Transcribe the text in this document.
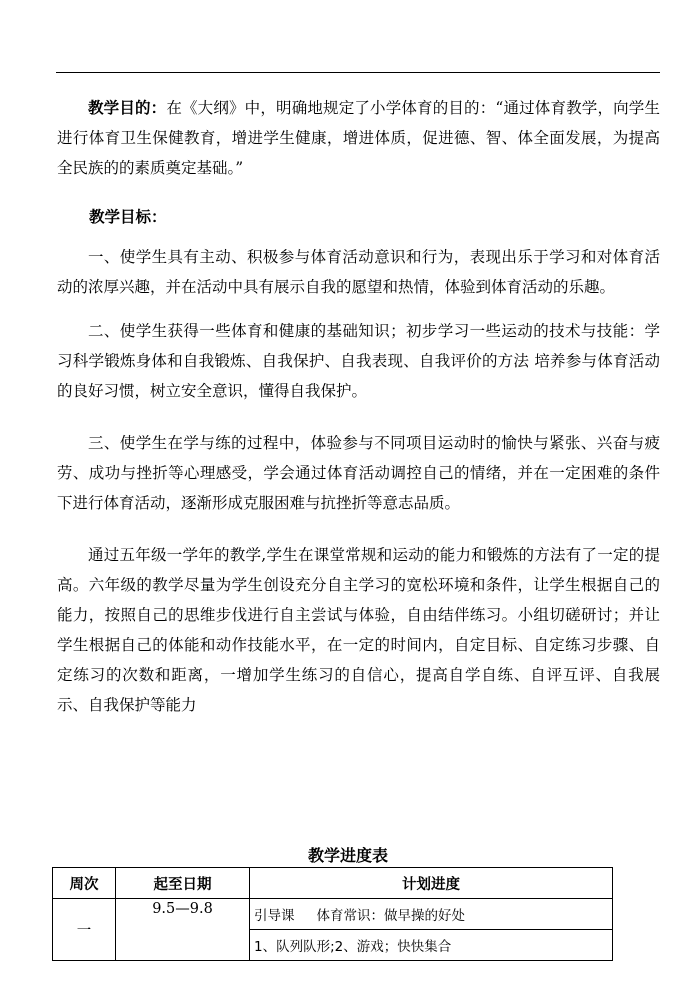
教学目的：在《大纲》中，明确地规定了小学体育的目的：“通过体育教学，向学生进行体育卫生保健教育，增进学生健康，增进体质，促进德、智、体全面发展，为提高全民族的的素质奠定基础。”

教学目标：

一、使学生具有主动、积极参与体育活动意识和行为，表现出乐于学习和对体育活动的浓厚兴趣，并在活动中具有展示自我的愿望和热情，体验到体育活动的乐趣。

二、使学生获得一些体育和健康的基础知识；初步学习一些运动的技术与技能：学习科学锻炼身体和自我锻炼、自我保护、自我表现、自我评价的方法 培养参与体育活动的良好习惯，树立安全意识，懂得自我保护。

三、使学生在学与练的过程中，体验参与不同项目运动时的愉快与紧张、兴奋与疲劳、成功与挫折等心理感受，学会通过体育活动调控自己的情绪，并在一定困难的条件下进行体育活动，逐渐形成克服困难与抗挫折等意志品质。

通过五年级一学年的教学,学生在课堂常规和运动的能力和锻炼的方法有了一定的提高。六年级的教学尽量为学生创设充分自主学习的宽松环境和条件，让学生根据自己的能力，按照自己的思维步伐进行自主尝试与体验，自由结伴练习。小组切磋研讨；并让学生根据自己的体能和动作技能水平，在一定的时间内，自定目标、自定练习步骤、自定练习的次数和距离，一增加学生练习的自信心，提高自学自练、自评互评、自我展示、自我保护等能力

教学进度表
周次	起至日期	计划进度
一	9.5—9.8	引导课 体育常识：做早操的好处
		1、队列队形;2、游戏；快快集合
